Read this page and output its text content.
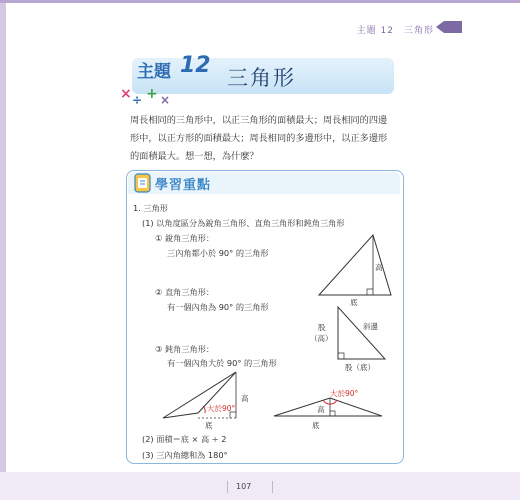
主題 12　三角形
主題 12 三角形
× ÷ + ×
周長相同的三角形中，以正三角形的面積最大；周長相同的四邊
形中，以正方形的面積最大；周長相同的多邊形中，以正多邊形
的面積最大。想一想，為什麼？
學習重點
1. 三角形
(1) 以角度區分為銳角三角形、直角三角形和鈍角三角形
① 銳角三角形：
三內角都小於 90° 的三角形
② 直角三角形：
有一個內角為 90° 的三角形
③ 鈍角三角形：
有一個內角大於 90° 的三角形
(2) 面積＝底 × 高 ÷ 2
(3) 三內角總和為 180°
底
高
股
（高）
斜邊
股（底）
大於90°
高
底
大於90°
高
底
107
